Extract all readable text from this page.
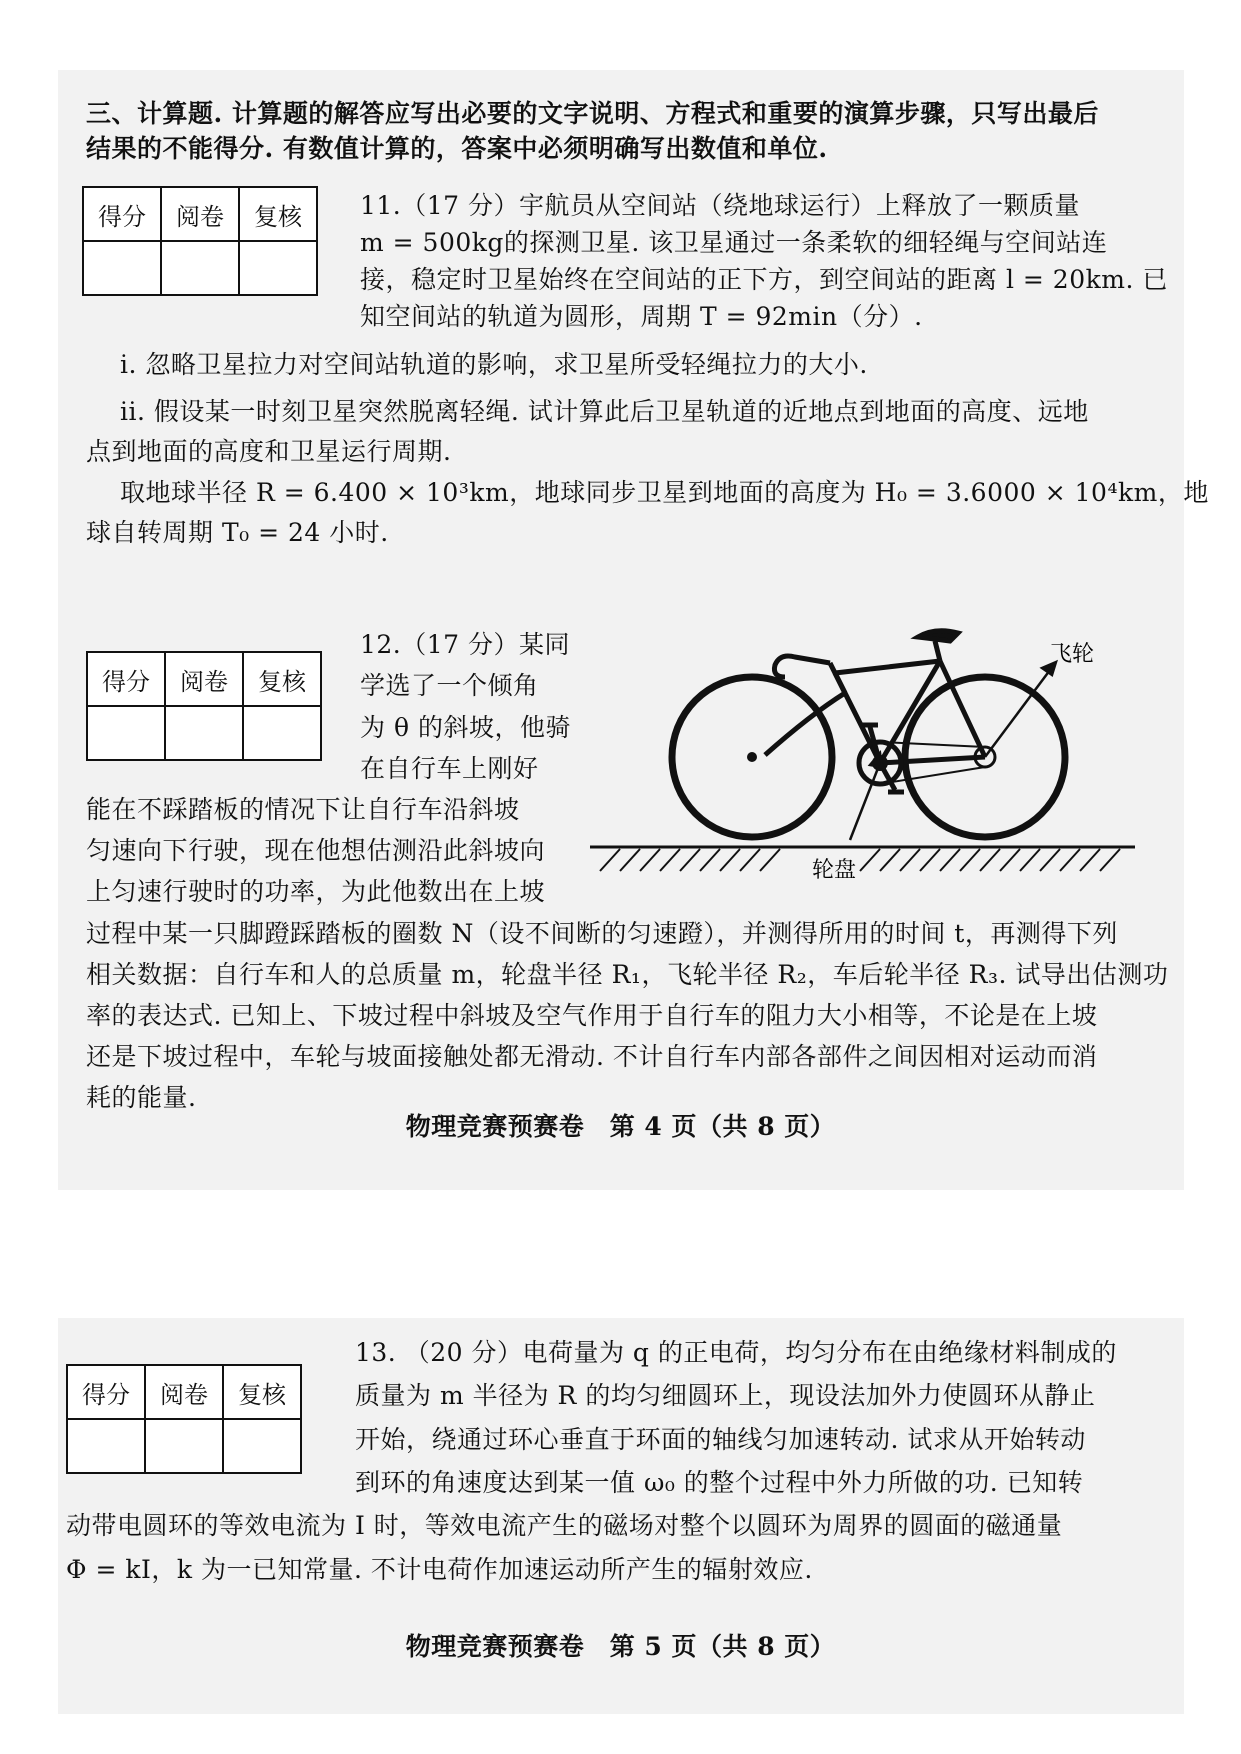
三、计算题. 计算题的解答应写出必要的文字说明、方程式和重要的演算步骤，只写出最后
结果的不能得分. 有数值计算的，答案中必须明确写出数值和单位.
得分	阅卷	复核
		11.（17 分）宇航员从空间站（绕地球运行）上释放了一颗质量
m = 500kg的探测卫星. 该卫星通过一条柔软的细轻绳与空间站连
接，稳定时卫星始终在空间站的正下方，到空间站的距离 l = 20km. 已
知空间站的轨道为圆形，周期 T = 92min（分）.
i. 忽略卫星拉力对空间站轨道的影响，求卫星所受轻绳拉力的大小.
ii. 假设某一时刻卫星突然脱离轻绳. 试计算此后卫星轨道的近地点到地面的高度、远地
点到地面的高度和卫星运行周期.
取地球半径 R = 6.400 × 10³km，地球同步卫星到地面的高度为 H₀ = 3.6000 × 10⁴km，地
球自转周期 T₀ = 24 小时.
得分	阅卷	复核

12.（17 分）某同
学选了一个倾角
为 θ 的斜坡，他骑
在自行车上刚好
能在不踩踏板的情况下让自行车沿斜坡
匀速向下行驶，现在他想估测沿此斜坡向
上匀速行驶时的功率，为此他数出在上坡
过程中某一只脚蹬踩踏板的圈数 N（设不间断的匀速蹬），并测得所用的时间 t，再测得下列
相关数据：自行车和人的总质量 m，轮盘半径 R₁，飞轮半径 R₂，车后轮半径 R₃. 试导出估测功
率的表达式. 已知上、下坡过程中斜坡及空气作用于自行车的阻力大小相等，不论是在上坡
还是下坡过程中，车轮与坡面接触处都无滑动. 不计自行车内部各部件之间因相对运动而消
耗的能量.
飞轮
轮盘
物理竞赛预赛卷　第 4 页（共 8 页）
得分	阅卷	复核

13. （20 分）电荷量为 q 的正电荷，均匀分布在由绝缘材料制成的
质量为 m 半径为 R 的均匀细圆环上，现设法加外力使圆环从静止
开始，绕通过环心垂直于环面的轴线匀加速转动. 试求从开始转动
到环的角速度达到某一值 ω₀ 的整个过程中外力所做的功. 已知转
动带电圆环的等效电流为 I 时，等效电流产生的磁场对整个以圆环为周界的圆面的磁通量
Φ = kI，k 为一已知常量. 不计电荷作加速运动所产生的辐射效应.
物理竞赛预赛卷　第 5 页（共 8 页）
